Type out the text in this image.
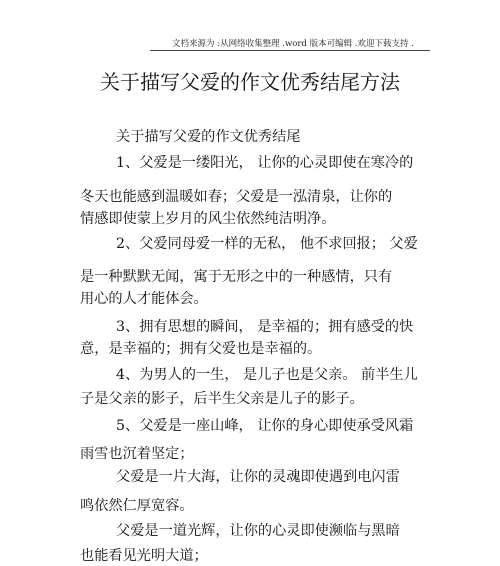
文档来源为 :从网络收集整理 .word 版本可编辑 .欢迎下载支持 .
关于描写父爱的作文优秀结尾方法
关于描写父爱的作文优秀结尾
1、父爱是一缕阳光， 让你的心灵即使在寒冷的
冬天也能感到温暖如春；父爱是一泓清泉，让你的
情感即使蒙上岁月的风尘依然纯洁明净。
2、父爱同母爱一样的无私， 他不求回报； 父爱
是一种默默无闻，寓于无形之中的一种感情，只有
用心的人才能体会。
3、拥有思想的瞬间， 是幸福的；拥有感受的快
意，是幸福的；拥有父爱也是幸福的。
4、为男人的一生， 是儿子也是父亲。 前半生儿
子是父亲的影子，后半生父亲是儿子的影子。
5、父爱是一座山峰， 让你的身心即使承受风霜
雨雪也沉着坚定；
父爱是一片大海，让你的灵魂即使遇到电闪雷
鸣依然仁厚宽容。
父爱是一道光辉，让你的心灵即使濒临与黑暗
也能看见光明大道；
